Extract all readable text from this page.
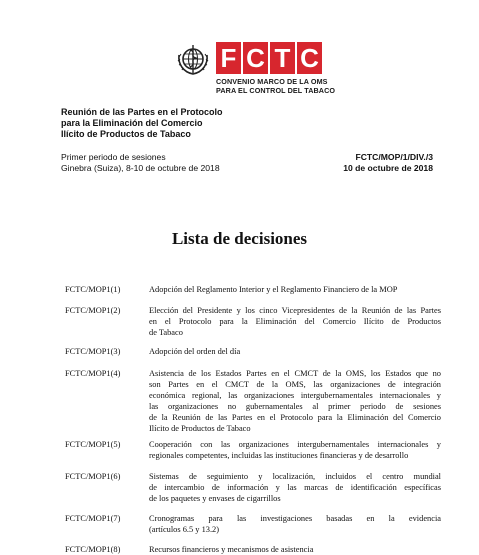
F C T C
CONVENIO MARCO DE LA OMS
PARA EL CONTROL DEL TABACO
Reunión de las Partes en el Protocolo
para la Eliminación del Comercio
Ilícito de Productos de Tabaco
Primer periodo de sesiones
Ginebra (Suiza), 8-10 de octubre de 2018
FCTC/MOP/1/DIV./3
10 de octubre de 2018
Lista de decisiones
FCTC/MOP1(1)	Adopción del Reglamento Interior y el Reglamento Financiero de la MOP
FCTC/MOP1(2)	Elección del Presidente y los cinco Vicepresidentes de la Reunión de las Partes
en el Protocolo para la Eliminación del Comercio Ilícito de Productos
de Tabaco
FCTC/MOP1(3)	Adopción del orden del día
FCTC/MOP1(4)	Asistencia de los Estados Partes en el CMCT de la OMS, los Estados que no
son Partes en el CMCT de la OMS, las organizaciones de integración
económica regional, las organizaciones intergubernamentales internacionales y
las organizaciones no gubernamentales al primer periodo de sesiones
de la Reunión de las Partes en el Protocolo para la Eliminación del Comercio
Ilícito de Productos de Tabaco
FCTC/MOP1(5)	Cooperación con las organizaciones intergubernamentales internacionales y
regionales competentes, incluidas las instituciones financieras y de desarrollo
FCTC/MOP1(6)	Sistemas de seguimiento y localización, incluidos el centro mundial
de intercambio de información y las marcas de identificación específicas
de los paquetes y envases de cigarrillos
FCTC/MOP1(7)	Cronogramas para las investigaciones basadas en la evidencia
(artículos 6.5 y 13.2)
FCTC/MOP1(8)	Recursos financieros y mecanismos de asistencia
